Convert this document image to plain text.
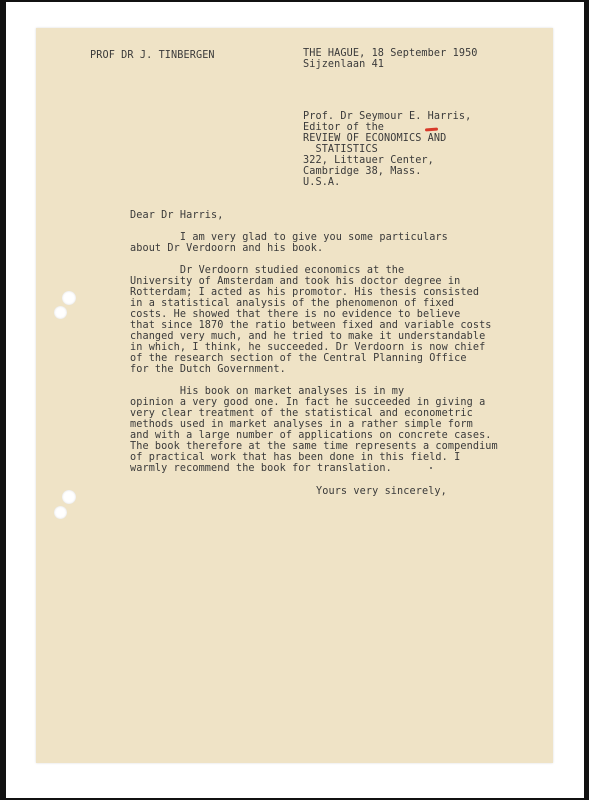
PROF DR J. TINBERGEN	THE HAGUE, 18 September 1950
Sijzenlaan 41
Prof. Dr Seymour E. Harris,
Editor of the
REVIEW OF ECONOMICS AND
STATISTICS
322, Littauer Center,
Cambridge 38, Mass.
U.S.A.
Dear Dr Harris,
I am very glad to give you some particulars
about Dr Verdoorn and his book.
Dr Verdoorn studied economics at the
University of Amsterdam and took his doctor degree in
Rotterdam; I acted as his promotor. His thesis consisted
in a statistical analysis of the phenomenon of fixed
costs. He showed that there is no evidence to believe
that since 1870 the ratio between fixed and variable costs
changed very much, and he tried to make it understandable
in which, I think, he succeeded. Dr Verdoorn is now chief
of the research section of the Central Planning Office
for the Dutch Government.
His book on market analyses is in my
opinion a very good one. In fact he succeeded in giving a
very clear treatment of the statistical and econometric
methods used in market analyses in a rather simple form
and with a large number of applications on concrete cases.
The book therefore at the same time represents a compendium
of practical work that has been done in this field. I
warmly recommend the book for translation.
Yours very sincerely,
